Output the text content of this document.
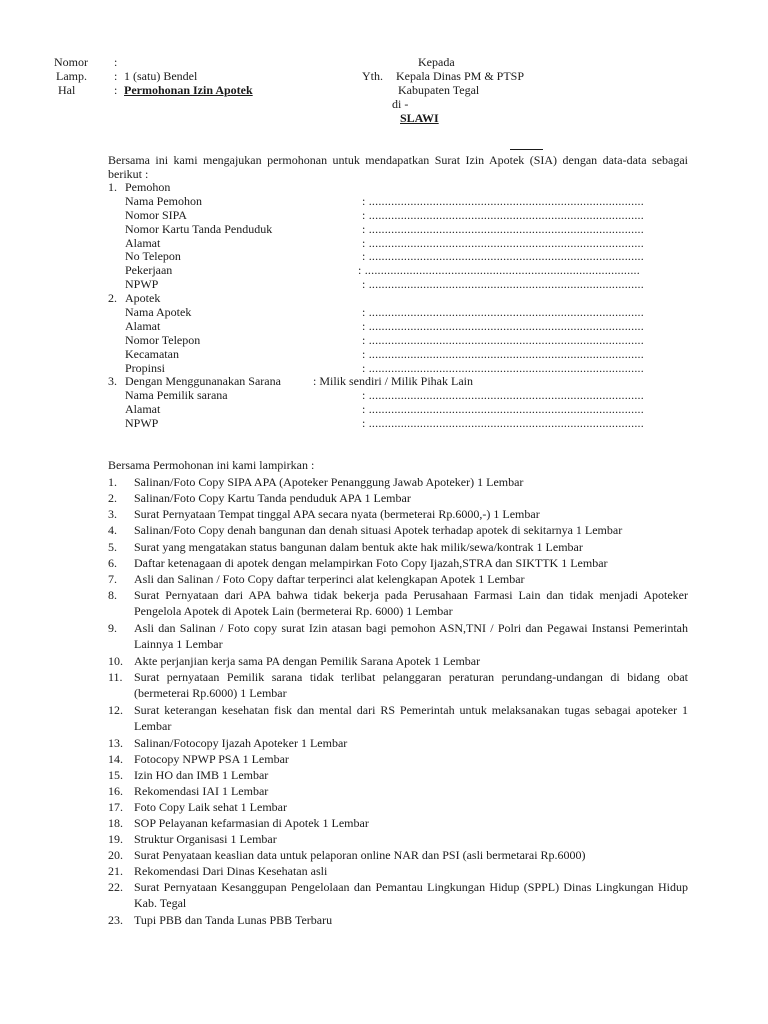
Nomor :
Lamp. : 1 (satu) Bendel
Hal	: Permohonan Izin Apotek
Kepada
Yth. Kepala Dinas PM & PTSP
Kabupaten Tegal
di -
SLAWI
Bersama ini kami mengajukan permohonan untuk mendapatkan Surat Izin Apotek (SIA) dengan data-data sebagai berikut :
1. Pemohon
Nama Pemohon	: ......................................................................................
Nomor SIPA	: ......................................................................................
Nomor Kartu Tanda Penduduk	: ......................................................................................
Alamat	: ......................................................................................
No Telepon	: ......................................................................................
Pekerjaan	: ......................................................................................
NPWP	: ......................................................................................
2. Apotek
Nama Apotek	: ......................................................................................
Alamat	: ......................................................................................
Nomor Telepon	: ......................................................................................
Kecamatan	: ......................................................................................
Propinsi	: ......................................................................................
3. Dengan Menggunanakan Sarana	: Milik sendiri / Milik Pihak Lain
Nama Pemilik sarana	: ......................................................................................
Alamat	: ......................................................................................
NPWP	: ......................................................................................
Bersama Permohonan ini kami lampirkan :
1. Salinan/Foto Copy SIPA APA (Apoteker Penanggung Jawab Apoteker) 1 Lembar
2. Salinan/Foto Copy Kartu Tanda penduduk APA 1 Lembar
3. Surat Pernyataan Tempat tinggal APA secara nyata (bermeterai Rp.6000,-) 1 Lembar
4. Salinan/Foto Copy denah bangunan dan denah situasi Apotek terhadap apotek di sekitarnya 1 Lembar
5. Surat yang mengatakan status bangunan dalam bentuk akte hak milik/sewa/kontrak 1 Lembar
6. Daftar ketenagaan di apotek dengan melampirkan Foto Copy Ijazah,STRA dan SIKTTK 1 Lembar
7. Asli dan Salinan / Foto Copy daftar terperinci alat kelengkapan Apotek 1 Lembar
8. Surat Pernyataan dari APA bahwa tidak bekerja pada Perusahaan Farmasi Lain dan tidak menjadi Apoteker Pengelola Apotek di Apotek Lain (bermeterai Rp. 6000) 1 Lembar
9. Asli dan Salinan / Foto copy surat Izin atasan bagi pemohon ASN,TNI / Polri dan Pegawai Instansi Pemerintah Lainnya 1 Lembar
10. Akte perjanjian kerja sama PA dengan Pemilik Sarana Apotek 1 Lembar
11. Surat pernyataan Pemilik sarana tidak terlibat pelanggaran peraturan perundang-undangan di bidang obat (bermeterai Rp.6000) 1 Lembar
12. Surat keterangan kesehatan fisk dan mental dari RS Pemerintah untuk melaksanakan tugas sebagai apoteker 1 Lembar
13. Salinan/Fotocopy Ijazah Apoteker 1 Lembar
14. Fotocopy NPWP PSA 1 Lembar
15. Izin HO dan IMB 1 Lembar
16. Rekomendasi IAI 1 Lembar
17. Foto Copy Laik sehat 1 Lembar
18. SOP Pelayanan kefarmasian di Apotek 1 Lembar
19. Struktur Organisasi 1 Lembar
20. Surat Penyataan keaslian data untuk pelaporan online NAR dan PSI (asli bermetarai Rp.6000)
21. Rekomendasi Dari Dinas Kesehatan asli
22. Surat Pernyataan Kesanggupan Pengelolaan dan Pemantau Lingkungan Hidup (SPPL) Dinas Lingkungan Hidup Kab. Tegal
23. Tupi PBB dan Tanda Lunas PBB Terbaru
